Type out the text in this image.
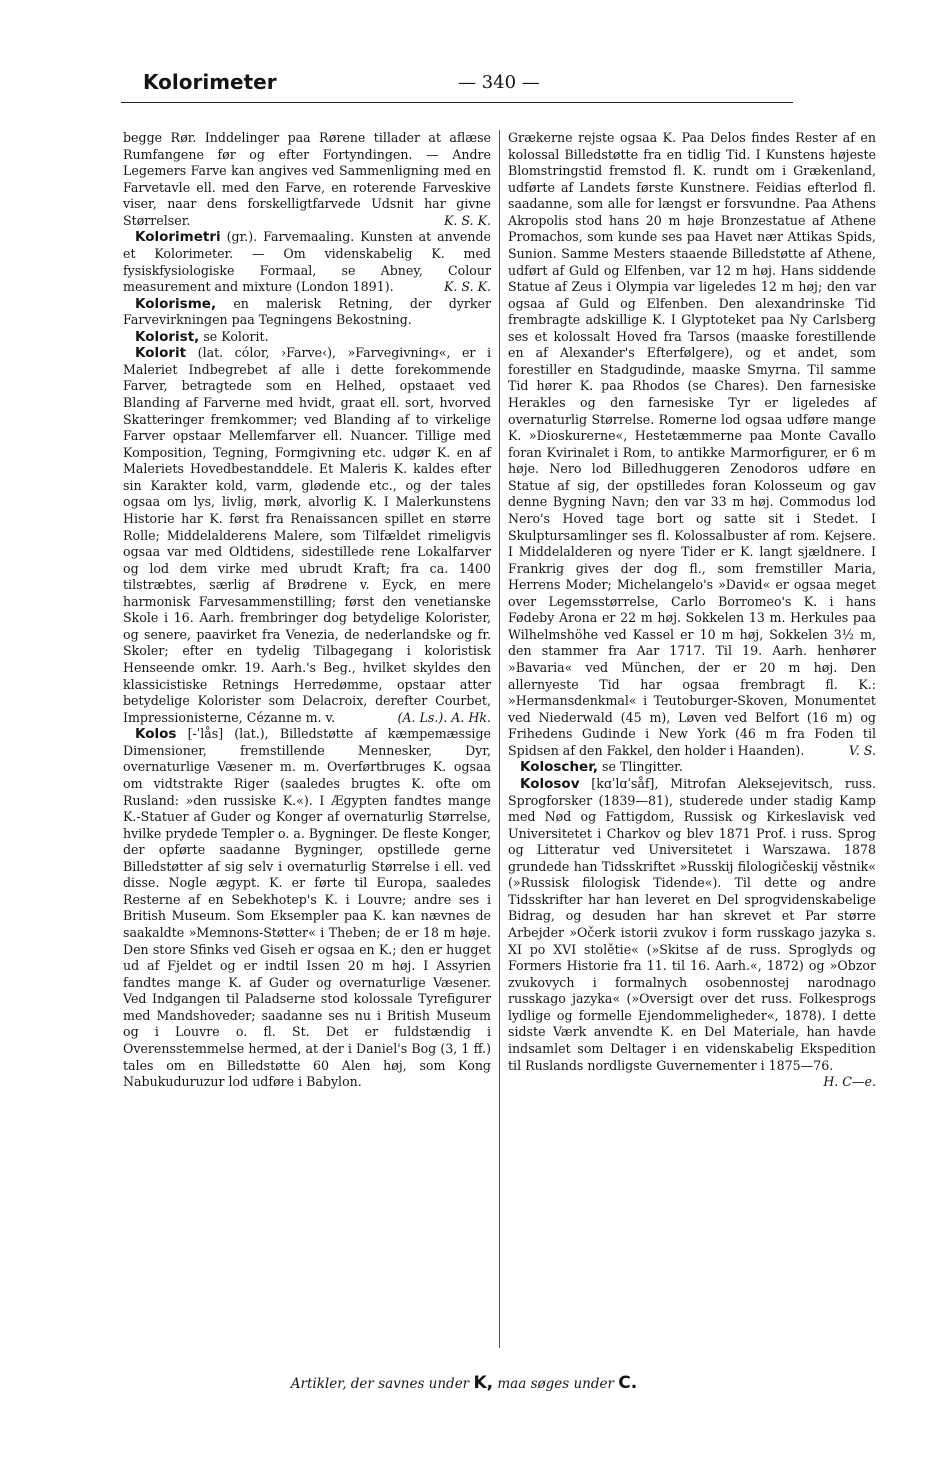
Kolorimeter	— 340 —

begge Rør. Inddelinger paa Rørene tillader at aflæse Rumfangene før og efter Fortyndingen. — Andre Legemers Farve kan angives ved Sammenligning med en Farvetavle ell. med den Farve, en roterende Farveskive viser, naar dens forskelligtfarvede Udsnit har givne Størrelser.	K. S. K.

Kolorimetri (gr.). Farvemaaling. Kunsten at anvende et Kolorimeter. — Om videnskabelig K. med fysiskfysiologiske Formaal, se Abney, Colour measurement and mixture (London 1891).	K. S. K.

Kolorisme, en malerisk Retning, der dyrker Farvevirkningen paa Tegningens Bekostning.

Kolorist, se Kolorit.

Kolorit (lat. cólor, ›Farve‹), »Farvegivning«, er i Maleriet Indbegrebet af alle i dette forekommende Farver, betragtede som en Helhed, opstaaet ved Blanding af Farverne med hvidt, graat ell. sort, hvorved Skatteringer fremkommer; ved Blanding af to virkelige Farver opstaar Mellemfarver ell. Nuancer. Tillige med Komposition, Tegning, Formgivning etc. udgør K. en af Maleriets Hovedbestanddele. Et Maleris K. kaldes efter sin Karakter kold, varm, glødende etc., og der tales ogsaa om lys, livlig, mørk, alvorlig K. I Malerkunstens Historie har K. først fra Renaissancen spillet en større Rolle; Middelalderens Malere, som Tilfældet rimeligvis ogsaa var med Oldtidens, sidestillede rene Lokalfarver og lod dem virke med ubrudt Kraft; fra ca. 1400 tilstræbtes, særlig af Brødrene v. Eyck, en mere harmonisk Farvesammenstilling; først den venetianske Skole i 16. Aarh. frembringer dog betydelige Kolorister, og senere, paavirket fra Venezia, de nederlandske og fr. Skoler; efter en tydelig Tilbagegang i koloristisk Henseende omkr. 19. Aarh.'s Beg., hvilket skyldes den klassicistiske Retnings Herredømme, opstaar atter betydelige Kolorister som Delacroix, derefter Courbet, Impressionisterne, Cézanne m. v.	(A. Ls.). A. Hk.

Kolos [-ˈlås] (lat.), Billedstøtte af kæmpemæssige Dimensioner, fremstillende Mennesker, Dyr, overnaturlige Væsener m. m. Overførtbruges K. ogsaa om vidtstrakte Riger (saaledes brugtes K. ofte om Rusland: »den russiske K.«). I Ægypten fandtes mange K.-Statuer af Guder og Konger af overnaturlig Størrelse, hvilke prydede Templer o. a. Bygninger. De fleste Konger, der opførte saadanne Bygninger, opstillede gerne Billedstøtter af sig selv i overnaturlig Størrelse i ell. ved disse. Nogle ægypt. K. er førte til Europa, saaledes Resterne af en Sebekhotep's K. i Louvre; andre ses i British Museum. Som Eksempler paa K. kan nævnes de saakaldte »Memnons-Støtter« i Theben; de er 18 m høje. Den store Sfinks ved Giseh er ogsaa en K.; den er hugget ud af Fjeldet og er indtil Issen 20 m høj. I Assyrien fandtes mange K. af Guder og overnaturlige Væsener. Ved Indgangen til Paladserne stod kolossale Tyrefigurer med Mandshoveder; saadanne ses nu i British Museum og i Louvre o. fl. St. Det er fuldstændig i Overensstemmelse hermed, at der i Daniel's Bog (3, 1 ff.) tales om en Billedstøtte 60 Alen høj, som Kong Nabukuduruzur lod udføre i Babylon.

Grækerne rejste ogsaa K. Paa Delos findes Rester af en kolossal Billedstøtte fra en tidlig Tid. I Kunstens højeste Blomstringstid fremstod fl. K. rundt om i Grækenland, udførte af Landets første Kunstnere. Feidias efterlod fl. saadanne, som alle for længst er forsvundne. Paa Athens Akropolis stod hans 20 m høje Bronzestatue af Athene Promachos, som kunde ses paa Havet nær Attikas Spids, Sunion. Samme Mesters staaende Billedstøtte af Athene, udført af Guld og Elfenben, var 12 m høj. Hans siddende Statue af Zeus i Olympia var ligeledes 12 m høj; den var ogsaa af Guld og Elfenben. Den alexandrinske Tid frembragte adskillige K. I Glyptoteket paa Ny Carlsberg ses et kolossalt Hoved fra Tarsos (maaske forestillende en af Alexander's Efterfølgere), og et andet, som forestiller en Stadgudinde, maaske Smyrna. Til samme Tid hører K. paa Rhodos (se Chares). Den farnesiske Herakles og den farnesiske Tyr er ligeledes af overnaturlig Størrelse. Romerne lod ogsaa udføre mange K. »Dioskurerne«, Hestetæmmerne paa Monte Cavallo foran Kvirinalet i Rom, to antikke Marmorfigurer, er 6 m høje. Nero lod Billedhuggeren Zenodoros udføre en Statue af sig, der opstilledes foran Kolosseum og gav denne Bygning Navn; den var 33 m høj. Commodus lod Nero's Hoved tage bort og satte sit i Stedet. I Skulptursamlinger ses fl. Kolossalbuster af rom. Kejsere. I Middelalderen og nyere Tider er K. langt sjældnere. I Frankrig gives der dog fl., som fremstiller Maria, Herrens Moder; Michelangelo's »David« er ogsaa meget over Legemsstørrelse, Carlo Borromeo's K. i hans Fødeby Arona er 22 m høj. Sokkelen 13 m. Herkules paa Wilhelmshöhe ved Kassel er 10 m høj, Sokkelen 3½ m, den stammer fra Aar 1717. Til 19. Aarh. henhører »Bavaria« ved München, der er 20 m høj. Den allernyeste Tid har ogsaa frembragt fl. K.: »Hermansdenkmal« i Teutoburger-Skoven, Monumentet ved Niederwald (45 m), Løven ved Belfort (16 m) og Frihedens Gudinde i New York (46 m fra Foden til Spidsen af den Fakkel, den holder i Haanden).	V. S.

Koloscher, se Tlingitter.

Kolosov [kɑˈlɑˈsåf], Mitrofan Aleksejevitsch, russ. Sprogforsker (1839—81), studerede under stadig Kamp med Nød og Fattigdom, Russisk og Kirkeslavisk ved Universitetet i Charkov og blev 1871 Prof. i russ. Sprog og Litteratur ved Universitetet i Warszawa. 1878 grundede han Tidsskriftet »Russkij filologičeskij věstnik« (»Russisk filologisk Tidende«). Til dette og andre Tidsskrifter har han leveret en Del sprogvidenskabelige Bidrag, og desuden har han skrevet et Par større Arbejder »Očerk istorii zvukov i form russkago jazyka s. XI po XVI stolětie« (»Skitse af de russ. Sproglyds og Formers Historie fra 11. til 16. Aarh.«, 1872) og »Obzor zvukovych i formalnych osobennostej narodnago russkago jazyka« (»Oversigt over det russ. Folkesprogs lydlige og formelle Ejendommeligheder«, 1878). I dette sidste Værk anvendte K. en Del Materiale, han havde indsamlet som Deltager i en videnskabelig Ekspedition til Ruslands nordligste Guvernementer i 1875—76.
H. C—e.

Artikler, der savnes under K, maa søges under C.
